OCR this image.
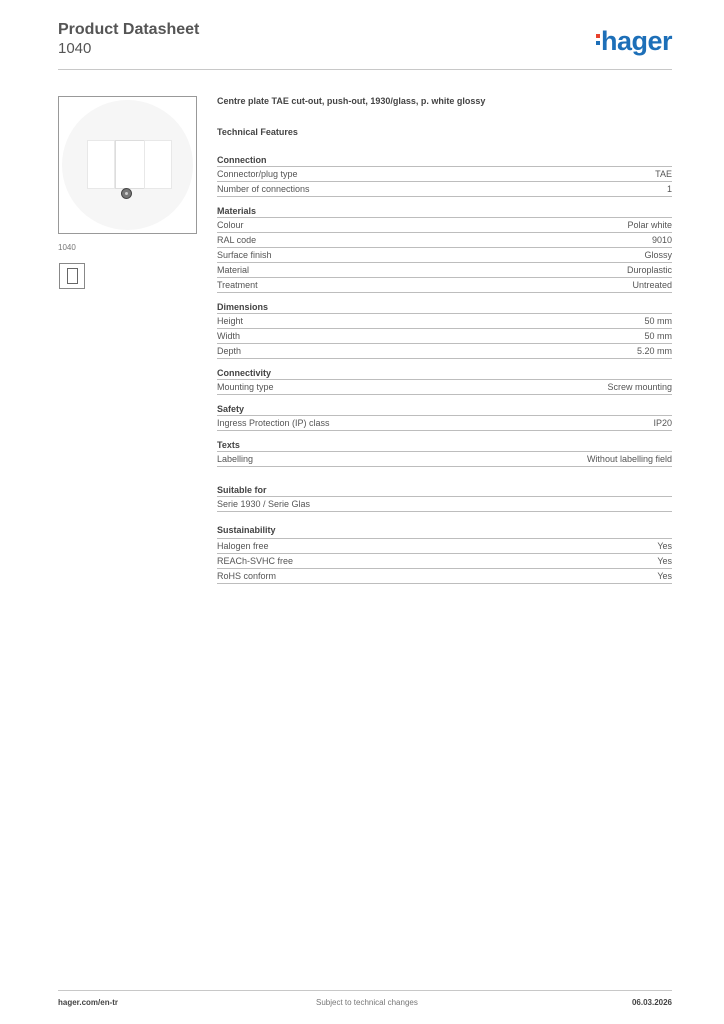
Product Datasheet
1040	hager
1040
Centre plate TAE cut-out, push-out, 1930/glass, p. white glossy
Technical Features
Connection
Connector/plug type	TAE
Number of connections	1
Materials
Colour	Polar white
RAL code	9010
Surface finish	Glossy
Material	Duroplastic
Treatment	Untreated
Dimensions
Height	50 mm
Width	50 mm
Depth	5.20 mm
Connectivity
Mounting type	Screw mounting
Safety
Ingress Protection (IP) class	IP20
Texts
Labelling	Without labelling field
Suitable for
Serie 1930 / Serie Glas
Sustainability
Halogen free	Yes
REACh-SVHC free	Yes
RoHS conform	Yes
hager.com/en-tr	Subject to technical changes	06.03.2026
